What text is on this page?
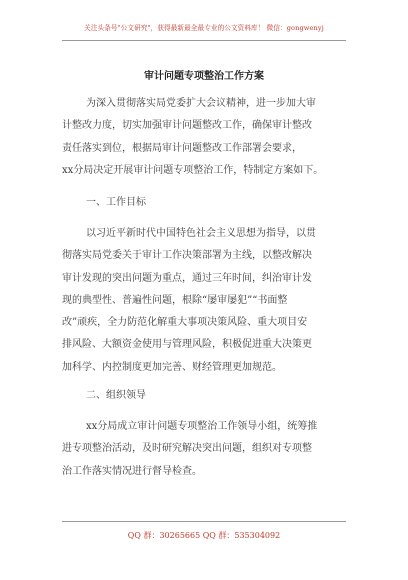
关注头条号"公文研究"，获得最新最全最专业的公文资料库！ 微信：gongwenyj
审计问题专项整治工作方案
为深入贯彻落实局党委扩大会议精神，进一步加大审
计整改力度，切实加强审计问题整改工作，确保审计整改
责任落实到位，根据局审计问题整改工作部署会要求，
xx分局决定开展审计问题专项整治工作，特制定方案如下。
一、工作目标
以习近平新时代中国特色社会主义思想为指导，以贯
彻落实局党委关于审计工作决策部署为主线，以整改解决
审计发现的突出问题为重点，通过三年时间，纠治审计发
现的典型性、普遍性问题，根除“屡审屡犯”“书面整
改”顽疾，全力防范化解重大事项决策风险、重大项目安
排风险、大额资金使用与管理风险，积极促进重大决策更
加科学、内控制度更加完善、财经管理更加规范。
二、组织领导
xx分局成立审计问题专项整治工作领导小组，统筹推
进专项整治活动，及时研究解决突出问题，组织对专项整
治工作落实情况进行督导检查。
QQ 群：30265665 QQ 群：535304092
